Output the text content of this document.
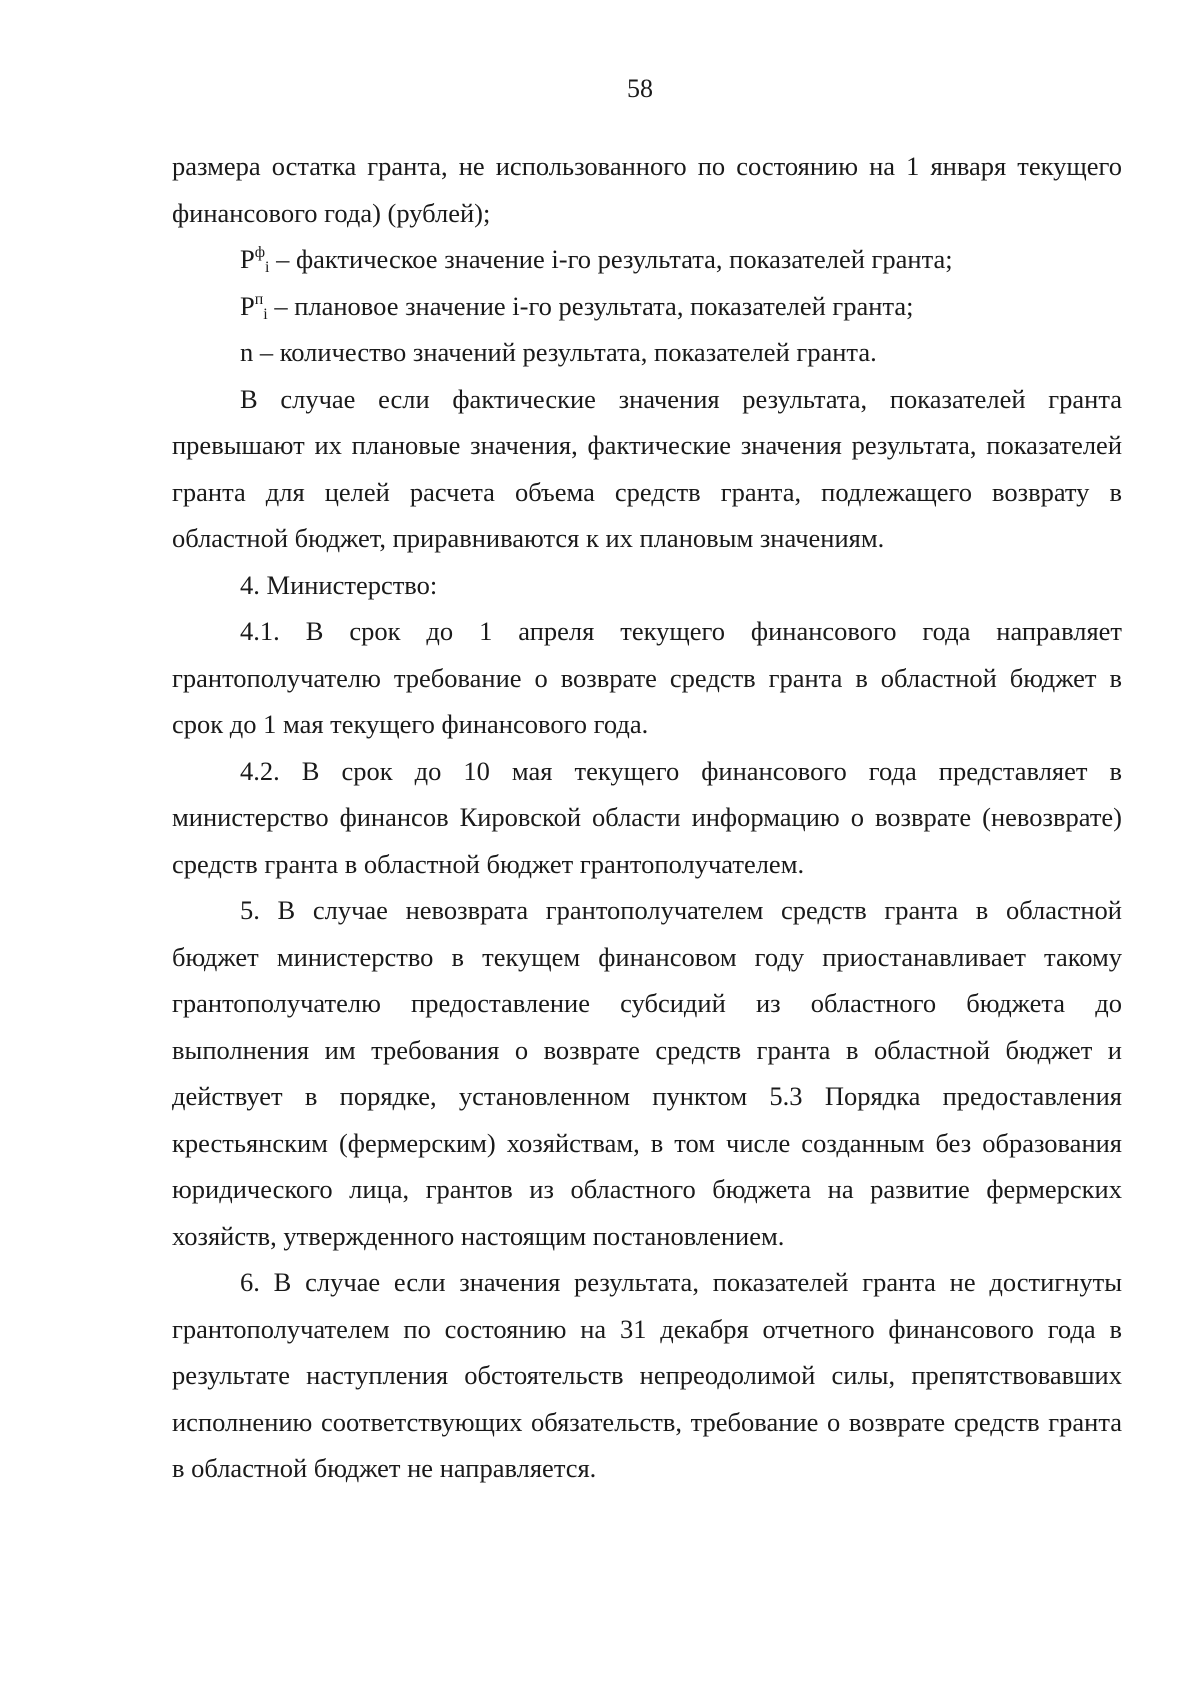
58

размера остатка гранта, не использованного по состоянию на 1 января текущего финансового года) (рублей);

$P^ф_i$ – фактическое значение i-го результата, показателей гранта;

$P^п_i$ – плановое значение i-го результата, показателей гранта;

n – количество значений результата, показателей гранта.

В случае если фактические значения результата, показателей гранта превышают их плановые значения, фактические значения результата, показателей гранта для целей расчета объема средств гранта, подлежащего возврату в областной бюджет, приравниваются к их плановым значениям.

4. Министерство:

4.1. В срок до 1 апреля текущего финансового года направляет грантополучателю требование о возврате средств гранта в областной бюджет в срок до 1 мая текущего финансового года.

4.2. В срок до 10 мая текущего финансового года представляет в министерство финансов Кировской области информацию о возврате (невозврате) средств гранта в областной бюджет грантополучателем.

5. В случае невозврата грантополучателем средств гранта в областной бюджет министерство в текущем финансовом году приостанавливает такому грантополучателю предоставление субсидий из областного бюджета до выполнения им требования о возврате средств гранта в областной бюджет и действует в порядке, установленном пунктом 5.3 Порядка предоставления крестьянским (фермерским) хозяйствам, в том числе созданным без образования юридического лица, грантов из областного бюджета на развитие фермерских хозяйств, утвержденного настоящим постановлением.

6. В случае если значения результата, показателей гранта не достигнуты грантополучателем по состоянию на 31 декабря отчетного финансового года в результате наступления обстоятельств непреодолимой силы, препятствовавших исполнению соответствующих обязательств, требование о возврате средств гранта в областной бюджет не направляется.
